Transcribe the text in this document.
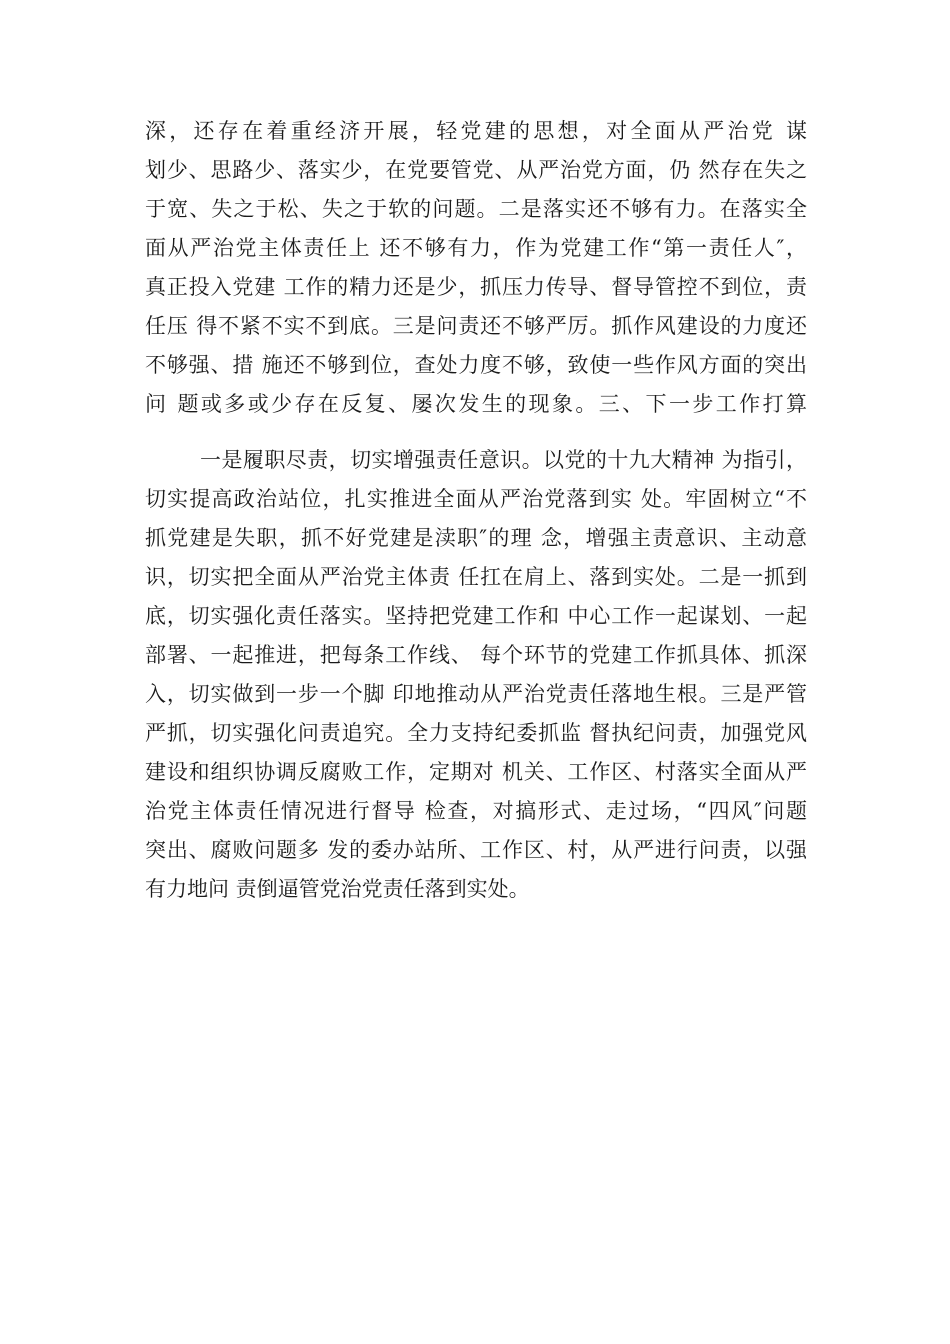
深，还存在着重经济开展，轻党建的思想，对全面从严治党 谋
划少、思路少、落实少，在党要管党、从严治党方面，仍 然存在失之
于宽、失之于松、失之于软的问题。二是落实还不够有力。在落实全
面从严治党主体责任上 还不够有力，作为党建工作“第一责任人″，
真正投入党建 工作的精力还是少，抓压力传导、督导管控不到位，责
任压 得不紧不实不到底。三是问责还不够严厉。抓作风建设的力度还
不够强、措 施还不够到位，查处力度不够，致使一些作风方面的突出
问 题或多或少存在反复、屡次发生的现象。三、下一步工作打算
一是履职尽责，切实增强责任意识。以党的十九大精神 为指引，
切实提高政治站位，扎实推进全面从严治党落到实 处。牢固树立“不
抓党建是失职，抓不好党建是渎职″的理 念，增强主责意识、主动意
识，切实把全面从严治党主体责 任扛在肩上、落到实处。二是一抓到
底，切实强化责任落实。坚持把党建工作和 中心工作一起谋划、一起
部署、一起推进，把每条工作线、 每个环节的党建工作抓具体、抓深
入，切实做到一步一个脚 印地推动从严治党责任落地生根。三是严管
严抓，切实强化问责追究。全力支持纪委抓监 督执纪问责，加强党风
建设和组织协调反腐败工作，定期对 机关、工作区、村落实全面从严
治党主体责任情况进行督导 检查，对搞形式、走过场，“四风″问题
突出、腐败问题多 发的委办站所、工作区、村，从严进行问责，以强
有力地问 责倒逼管党治党责任落到实处。
